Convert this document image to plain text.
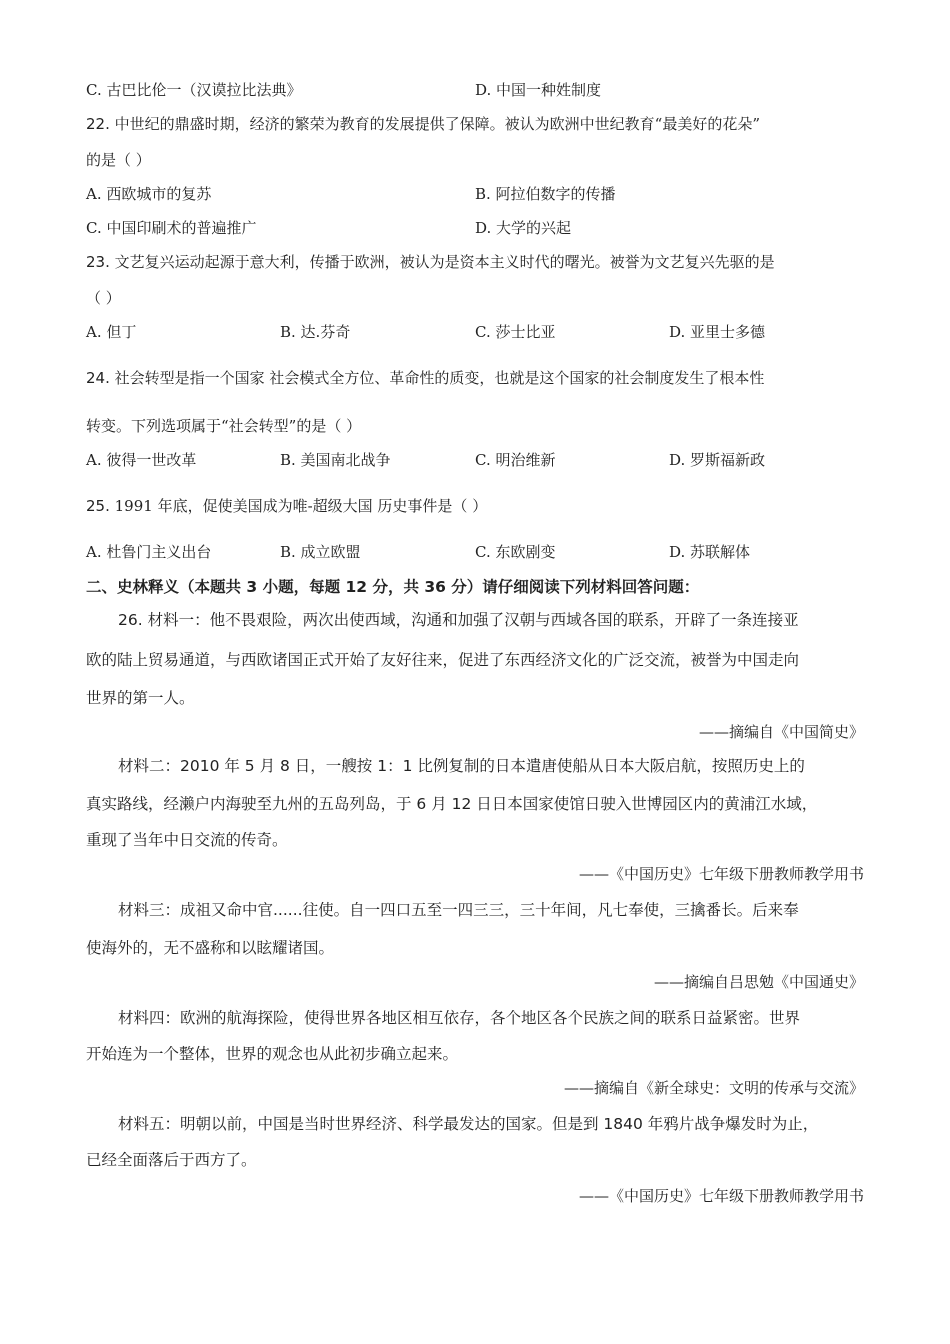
C. 古巴比伦一（汉谟拉比法典》	D. 中国一种姓制度
22. 中世纪的鼎盛时期，经济的繁荣为教育的发展提供了保障。被认为欧洲中世纪教育“最美好的花朵”
的是（ ）
A. 西欧城市的复苏	B. 阿拉伯数字的传播
C. 中国印刷术的普遍推广	D. 大学的兴起
23. 文艺复兴运动起源于意大利，传播于欧洲，被认为是资本主义时代的曙光。被誉为文艺复兴先驱的是
（ ）
A. 但丁	B. 达.芬奇	C. 莎士比亚	D. 亚里士多德
24. 社会转型是指一个国家 社会模式全方位、革命性的质变，也就是这个国家的社会制度发生了根本性
转变。下列选项属于“社会转型”的是（ ）
A. 彼得一世改革	B. 美国南北战争	C. 明治维新	D. 罗斯福新政
25. 1991 年底，促使美国成为唯-超级大国 历史事件是（ ）
A. 杜鲁门主义出台	B. 成立欧盟	C. 东欧剧变	D. 苏联解体
二、史林释义（本题共 3 小题，每题 12 分，共 36 分）请仔细阅读下列材料回答问题：
26. 材料一：他不畏艰险，两次出使西域，沟通和加强了汉朝与西域各国的联系，开辟了一条连接亚
欧的陆上贸易通道，与西欧诸国正式开始了友好往来，促进了东西经济文化的广泛交流，被誉为中国走向
世界的第一人。
——摘编自《中国简史》
材料二：2010 年 5 月 8 日，一艘按 1：1 比例复制的日本遣唐使船从日本大阪启航，按照历史上的
真实路线，经濑户内海驶至九州的五岛列岛，于 6 月 12 日日本国家使馆日驶入世博园区内的黄浦江水域，
重现了当年中日交流的传奇。
——《中国历史》七年级下册教师教学用书
材料三：成祖又命中官......往使。自一四口五至一四三三，三十年间，凡七奉使，三擒番长。后来奉
使海外的，无不盛称和以眩耀诸国。
——摘编自吕思勉《中国通史》
材料四：欧洲的航海探险，使得世界各地区相互依存，各个地区各个民族之间的联系日益紧密。世界
开始连为一个整体，世界的观念也从此初步确立起来。
——摘编自《新全球史：文明的传承与交流》
材料五：明朝以前，中国是当时世界经济、科学最发达的国家。但是到 1840 年鸦片战争爆发时为止，
已经全面落后于西方了。
——《中国历史》七年级下册教师教学用书
